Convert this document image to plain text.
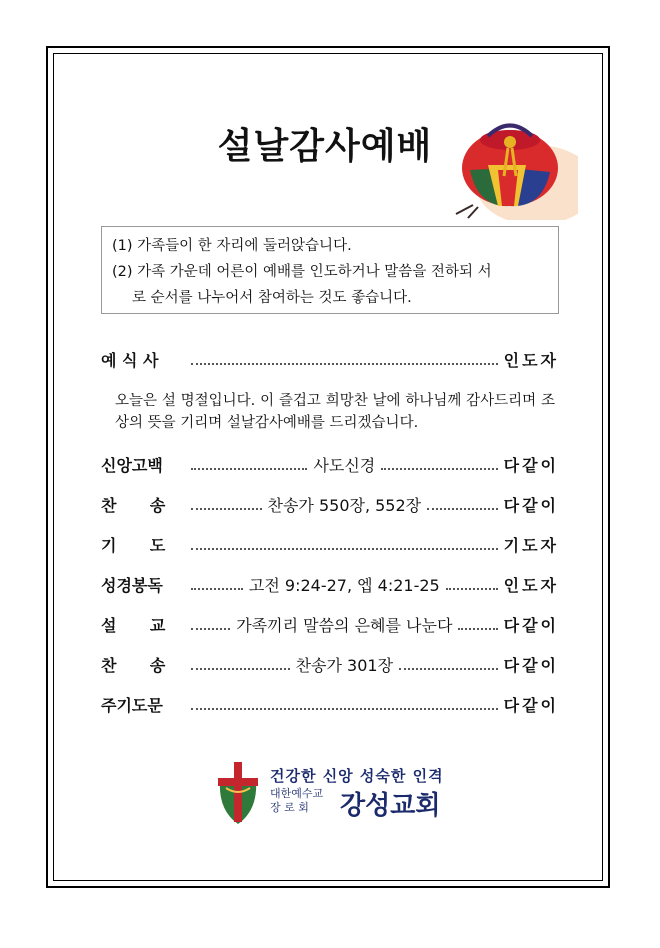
설날감사예배
(1) 가족들이 한 자리에 둘러앉습니다.
(2) 가족 가운데 어른이 예배를 인도하거나 말씀을 전하되 서
로 순서를 나누어서 참여하는 것도 좋습니다.
예 식 사	인도자
오늘은 설 명절입니다. 이 즐겁고 희망찬 날에 하나님께 감사드리며 조상의 뜻을 기리며 설날감사예배를 드리겠습니다.
신앙고백	사도신경	다같이
찬      송	찬송가 550장, 552장	다같이
기      도	기도자
성경봉독	고전 9:24-27, 엡 4:21-25	인도자
설      교	가족끼리 말씀의 은혜를 나눈다	다같이
찬      송	찬송가 301장	다같이
주기도문	다같이
건강한 신앙 성숙한 인격
대한예수교
장 로 회	강성교회
